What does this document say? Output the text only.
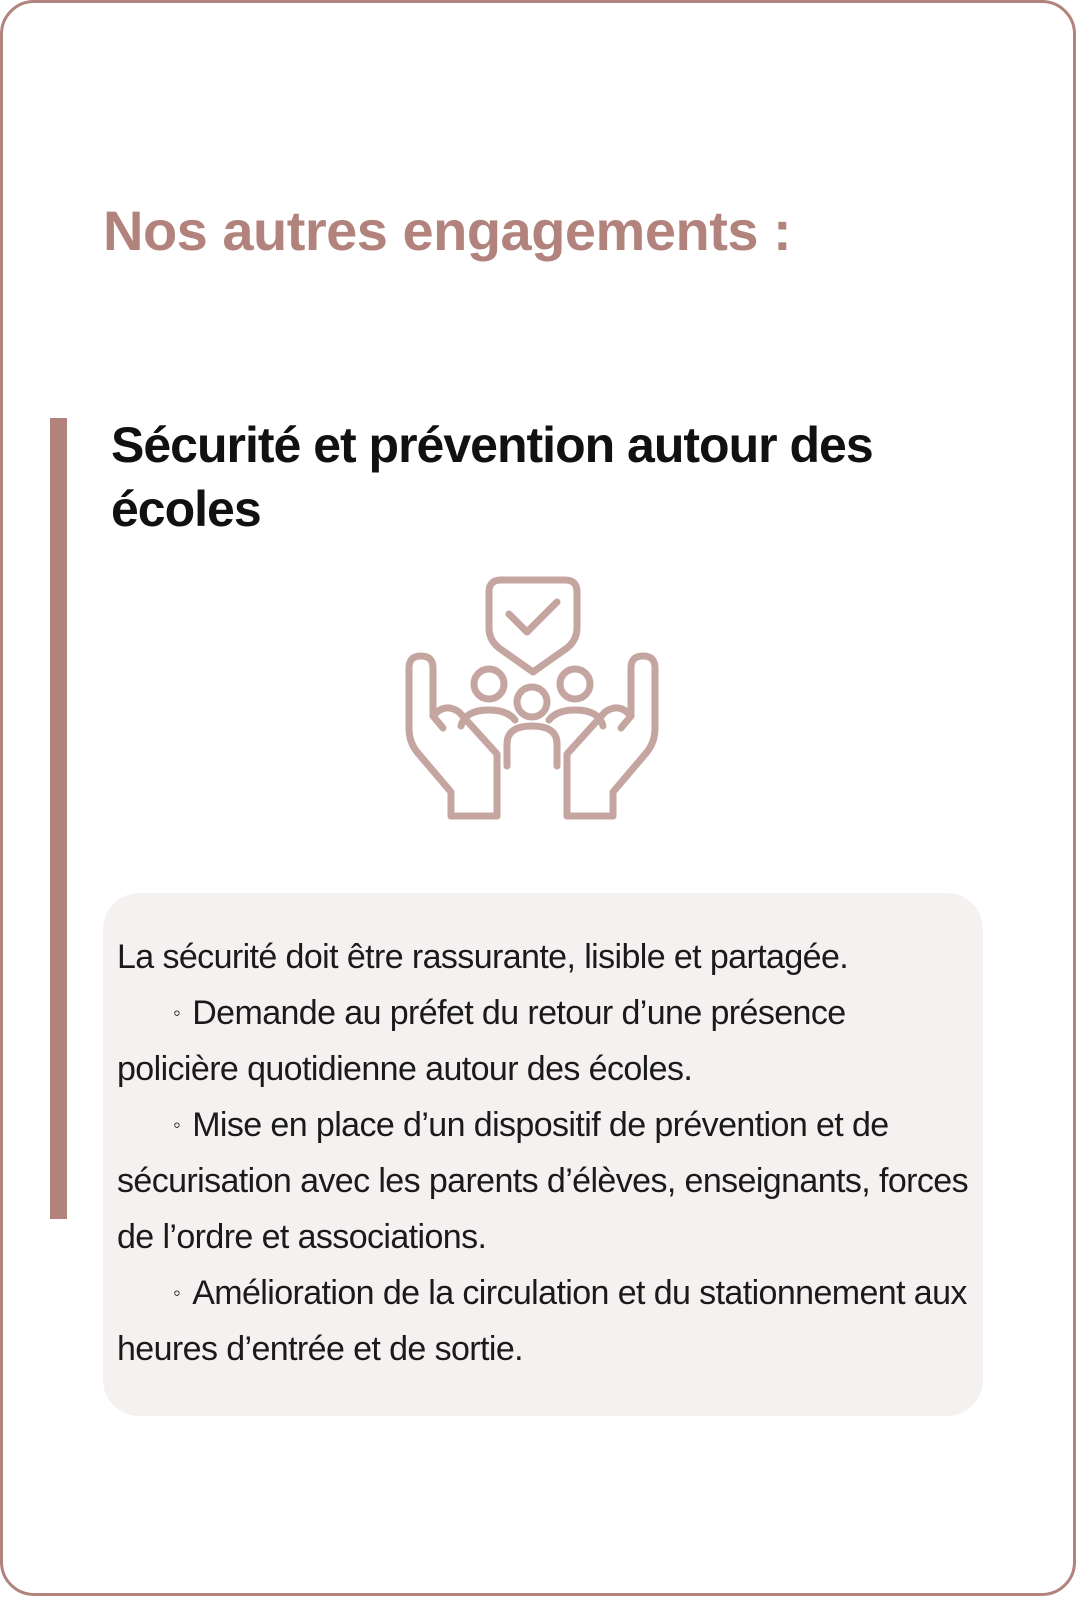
Nos autres engagements :
Sécurité et prévention autour des écoles

La sécurité doit être rassurante, lisible et partagée.

◦ Demande au préfet du retour d’une présence policière quotidienne autour des écoles.

◦ Mise en place d’un dispositif de prévention et de sécurisation avec les parents d’élèves, enseignants, forces de l’ordre et associations.

◦ Amélioration de la circulation et du stationnement aux heures d’entrée et de sortie.
